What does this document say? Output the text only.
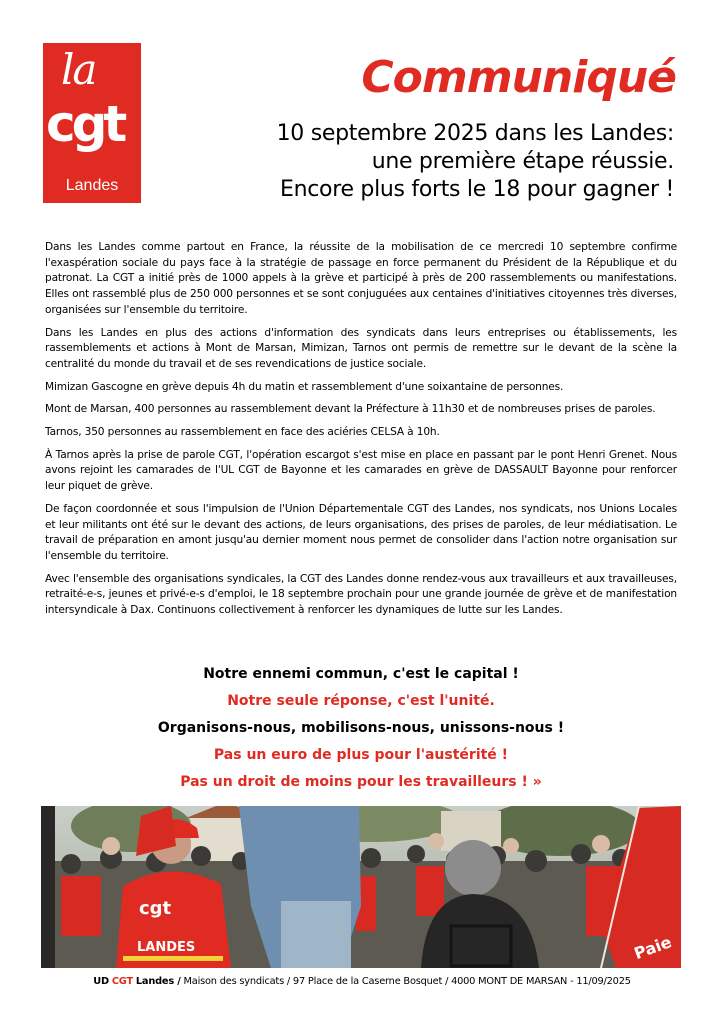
la
cgt
Landes
Communiqué
10 septembre 2025 dans les Landes:
une première étape réussie.
Encore plus forts le 18 pour gagner !

Dans les Landes comme partout en France, la réussite de la mobilisation de ce mercredi 10 septembre confirme l'exaspération sociale du pays face à la stratégie de passage en force permanent du Président de la République et du patronat. La CGT a initié près de 1000 appels à la grève et participé à près de 200 rassemblements ou manifestations. Elles ont rassemblé plus de 250 000 personnes et se sont conjuguées aux centaines d'initiatives citoyennes très diverses, organisées sur l'ensemble du territoire.

Dans les Landes en plus des actions d'information des syndicats dans leurs entreprises ou établissements, les rassemblements et actions à Mont de Marsan, Mimizan, Tarnos ont permis de remettre sur le devant de la scène la centralité du monde du travail et de ses revendications de justice sociale.

Mimizan Gascogne en grève depuis 4h du matin et rassemblement d'une soixantaine de personnes.

Mont de Marsan, 400 personnes au rassemblement devant la Préfecture à 11h30 et de nombreuses prises de paroles.

Tarnos, 350 personnes au rassemblement en face des aciéries CELSA à 10h.

À Tarnos après la prise de parole CGT, l'opération escargot s'est mise en place en passant par le pont Henri Grenet. Nous avons rejoint les camarades de l'UL CGT de Bayonne et les camarades en grève de DASSAULT Bayonne pour renforcer leur piquet de grève.

De façon coordonnée et sous l'impulsion de l'Union Départementale CGT des Landes, nos syndicats, nos Unions Locales et leur militants ont été sur le devant des actions, de leurs organisations, des prises de paroles, de leur médiatisation. Le travail de préparation en amont jusqu'au dernier moment nous permet de consolider dans l'action notre organisation sur l'ensemble du territoire.

Avec l'ensemble des organisations syndicales, la CGT des Landes donne rendez-vous aux travailleurs et aux travailleuses, retraité-e-s, jeunes et privé-e-s d'emploi, le 18 septembre prochain pour une grande journée de grève et de manifestation intersyndicale à Dax. Continuons collectivement à renforcer les dynamiques de lutte sur les Landes.

Notre ennemi commun, c'est le capital !
Notre seule réponse, c'est l'unité.
Organisons-nous, mobilisons-nous, unissons-nous !
Pas un euro de plus pour l'austérité !
Pas un droit de moins pour les travailleurs ! »
cgt
LANDES	Paie
UD CGT Landes / Maison des syndicats / 97 Place de la Caserne Bosquet / 4000 MONT DE MARSAN - 11/09/2025
